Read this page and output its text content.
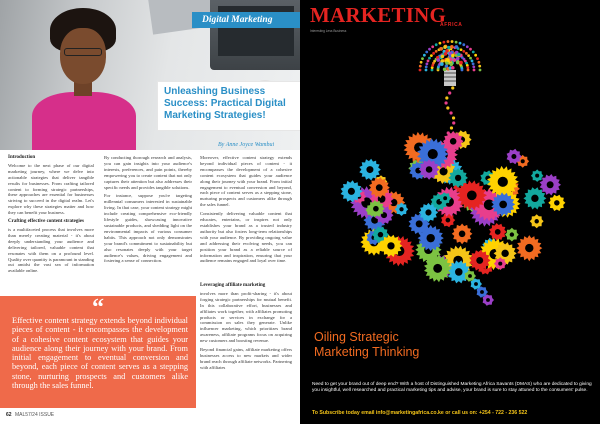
Digital Marketing
Unleashing Business Success: Practical Digital Marketing Strategies!
By Anne Joyce Wambui
Introduction

Welcome to the next phase of our digital marketing journey, where we delve into actionable strategies that deliver tangible results for businesses. From crafting tailored content to forming strategic partnerships, these approaches are essential for businesses striving to succeed in the digital realm. Let's explore why these strategies matter and how they can benefit your business.

Crafting effective content strategies

is a multifaceted process that involves more than merely creating material - it's about deeply understanding your audience and delivering tailored, valuable content that resonates with them on a profound level. Quality over quantity is paramount in standing out amidst the vast sea of information available online.

By conducting thorough research and analysis, you can gain insights into your audience's interests, preferences, and pain points, thereby empowering you to create content that not only captures their attention but also addresses their specific needs and provides tangible solutions.

For instance, suppose you're targeting millennial consumers interested in sustainable living. In that case, your content strategy might include creating comprehensive eco-friendly lifestyle guides, showcasing innovative sustainable products, and shedding light on the environmental impacts of various consumer habits. This approach not only demonstrates your brand's commitment to sustainability but also resonates deeply with your target audience's values, driving engagement and fostering a sense of connection.

Moreover, effective content strategy extends beyond individual pieces of content - it encompasses the development of a cohesive content ecosystem that guides your audience along their journey with your brand. From initial engagement to eventual conversion and beyond, each piece of content serves as a stepping stone, nurturing prospects and customers alike through the sales funnel.

Consistently delivering valuable content that educates, entertains, or inspires not only establishes your brand as a trusted industry authority but also fosters long-term relationships with your audience. By providing ongoing value and addressing their evolving needs, you can position your brand as a reliable source of information and inspiration, ensuring that your audience remains engaged and loyal over time.

Leveraging affiliate marketing

involves more than profit-sharing - it's about forging strategic partnerships for mutual benefit. In this collaborative effort, businesses and affiliates work together, with affiliates promoting products or services in exchange for a commission on sales they generate. Unlike influencer marketing, which prioritizes brand awareness, affiliate programs focus on acquiring new customers and boosting revenue.

Beyond financial gains, affiliate marketing offers businesses access to new markets and wider brand reach through affiliate networks. Partnering with affiliates

“
Effective content strategy extends beyond individual pieces of content - it encompasses the development of a cohesive content ecosystem that guides your audience along their journey with your brand. From initial engagement to eventual conversion and beyond, each piece of content serves as a stepping stone, nurturing prospects and customers alike through the sales funnel.
62 MAL57/24 ISSUE
MARKETING
AFRICA
Interesting Less Business
Oiling Strategic
Marketing Thinking
Need to get your brand out of deep end? With a host of Distinguished Marketing Africa Savants (DMAS) who are dedicated to giving you insightful, well researched and practical marketing tips and advise, your brand is sure to stay attuned to the consumers' pulse.
To Subscribe today email info@marketingafrica.co.ke or call us on: +254 - 722 - 236 522
